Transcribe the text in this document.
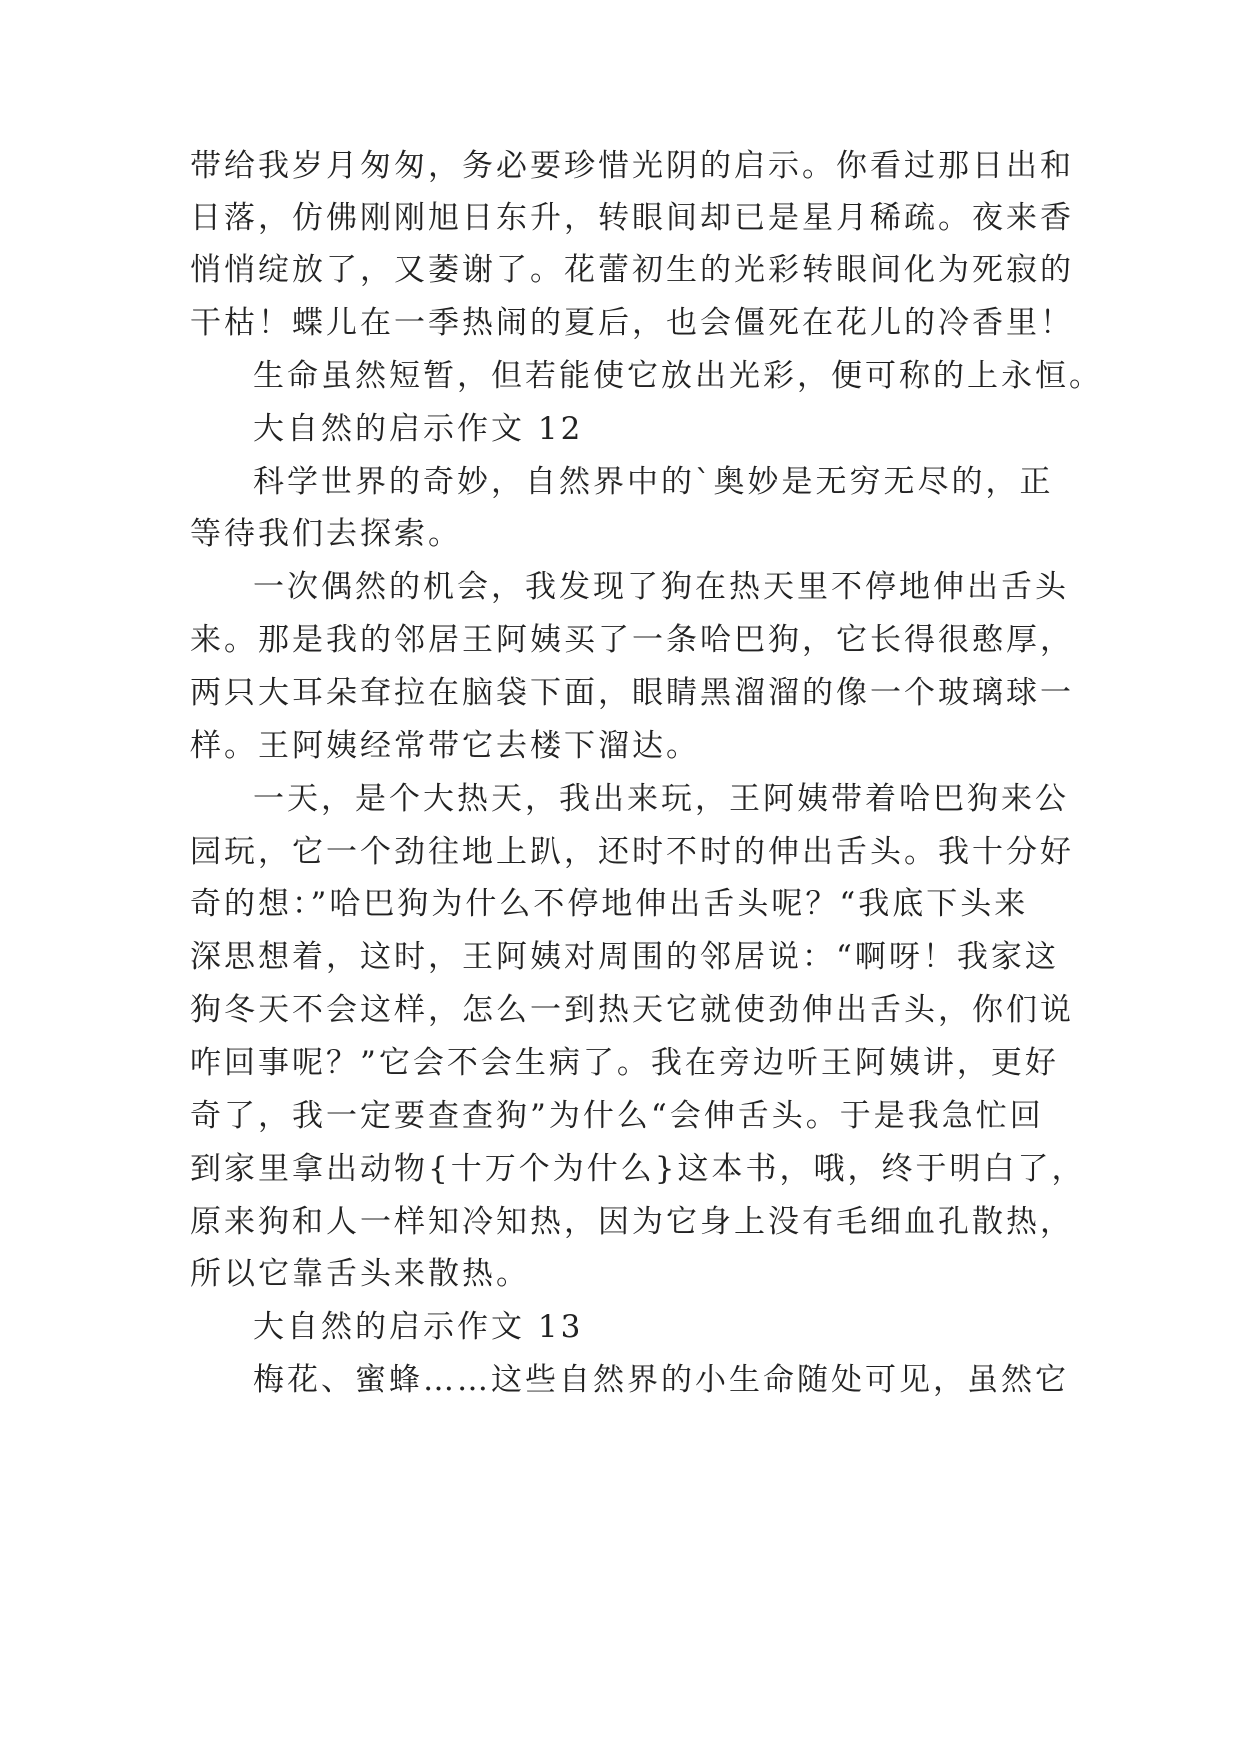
带给我岁月匆匆，务必要珍惜光阴的启示。你看过那日出和
日落，仿佛刚刚旭日东升，转眼间却已是星月稀疏。夜来香
悄悄绽放了，又萎谢了。花蕾初生的光彩转眼间化为死寂的
干枯！蝶儿在一季热闹的夏后，也会僵死在花儿的冷香里！
生命虽然短暂，但若能使它放出光彩，便可称的上永恒。
大自然的启示作文 12
科学世界的奇妙，自然界中的`奥妙是无穷无尽的，正
等待我们去探索。
一次偶然的机会，我发现了狗在热天里不停地伸出舌头
来。那是我的邻居王阿姨买了一条哈巴狗，它长得很憨厚，
两只大耳朵耷拉在脑袋下面，眼睛黑溜溜的像一个玻璃球一
样。王阿姨经常带它去楼下溜达。
一天，是个大热天，我出来玩，王阿姨带着哈巴狗来公
园玩，它一个劲往地上趴，还时不时的伸出舌头。我十分好
奇的想：”哈巴狗为什么不停地伸出舌头呢？“我底下头来
深思想着，这时，王阿姨对周围的邻居说：“啊呀！我家这
狗冬天不会这样，怎么一到热天它就使劲伸出舌头，你们说
咋回事呢？”它会不会生病了。我在旁边听王阿姨讲，更好
奇了，我一定要查查狗”为什么“会伸舌头。于是我急忙回
到家里拿出动物{十万个为什么}这本书，哦，终于明白了，
原来狗和人一样知冷知热，因为它身上没有毛细血孔散热，
所以它靠舌头来散热。
大自然的启示作文 13
梅花、蜜蜂……这些自然界的小生命随处可见，虽然它
